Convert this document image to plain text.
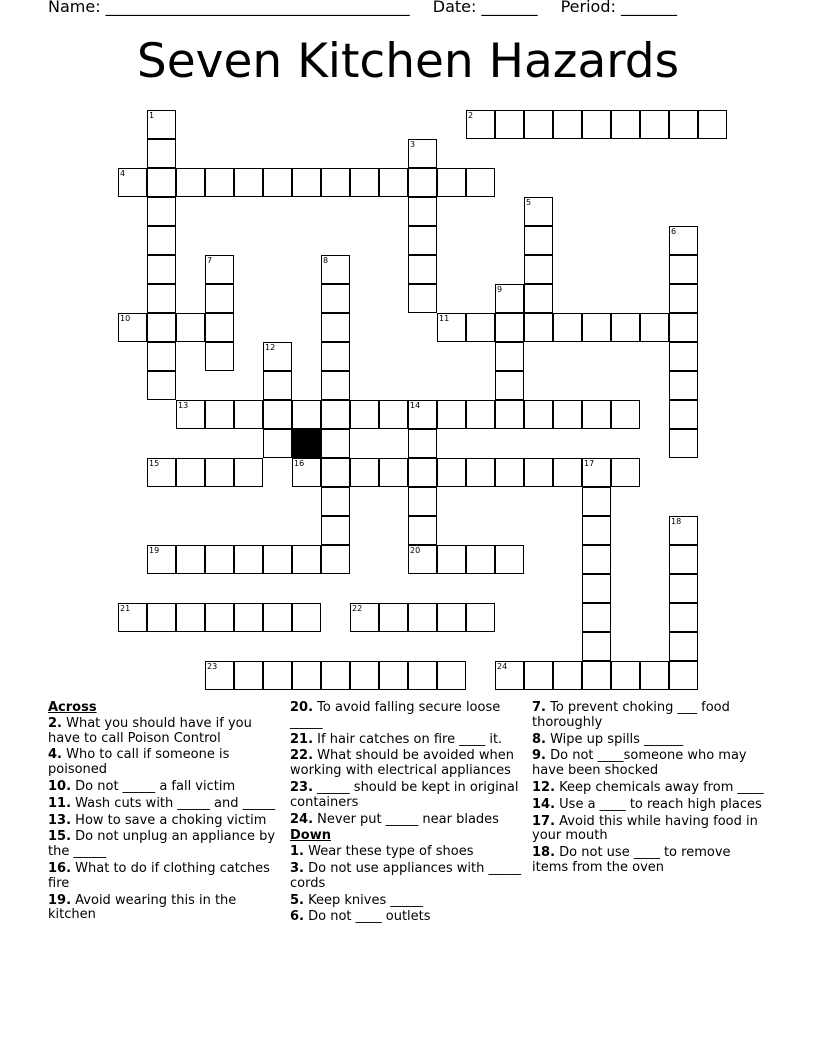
Name: ______________________________________ Date: _______ Period: _______
Seven Kitchen Hazards
1	2
3
4
5
6
7	8
9
10	11
12
13	14
15	16	17
18
19	20
21	22
23	24
Across
2. What you should have if you have to call Poison Control
4. Who to call if someone is poisoned
10. Do not _____ a fall victim
11. Wash cuts with _____ and _____
13. How to save a choking victim
15. Do not unplug an appliance by the _____
16. What to do if clothing catches fire
19. Avoid wearing this in the kitchen
20. To avoid falling secure loose _____
21. If hair catches on fire ____ it.
22. What should be avoided when working with electrical appliances
23. _____ should be kept in original containers
24. Never put _____ near blades
Down
1. Wear these type of shoes
3. Do not use appliances with _____ cords
5. Keep knives _____
6. Do not ____ outlets
7. To prevent choking ___ food thoroughly
8. Wipe up spills ______
9. Do not ____someone who may have been shocked
12. Keep chemicals away from ____
14. Use a ____ to reach high places
17. Avoid this while having food in your mouth
18. Do not use ____ to remove items from the oven
